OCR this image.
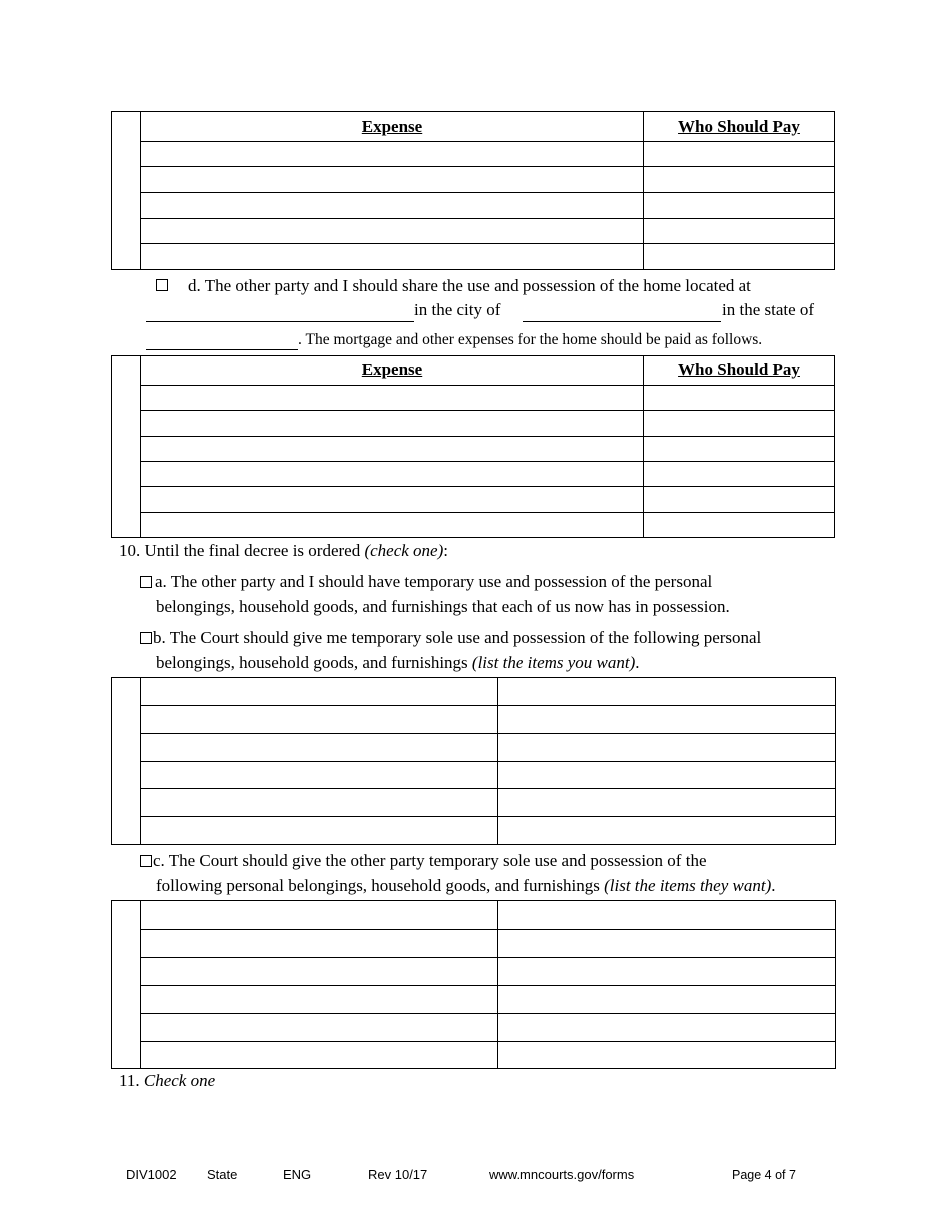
Expense	Who Should Pay
d. The other party and I should share the use and possession of the home located at
in the city of	in the state of
. The mortgage and other expenses for the home should be paid as follows.
Expense	Who Should Pay
10. Until the final decree is ordered (check one):
a. The other party and I should have temporary use and possession of the personal
belongings, household goods, and furnishings that each of us now has in possession.
b. The Court should give me temporary sole use and possession of the following personal
belongings, household goods, and furnishings (list the items you want).
c. The Court should give the other party temporary sole use and possession of the
following personal belongings, household goods, and furnishings (list the items they want).
11. Check one
DIV1002 State	ENG	Rev 10/17	www.mncourts.gov/forms	Page 4 of 7
